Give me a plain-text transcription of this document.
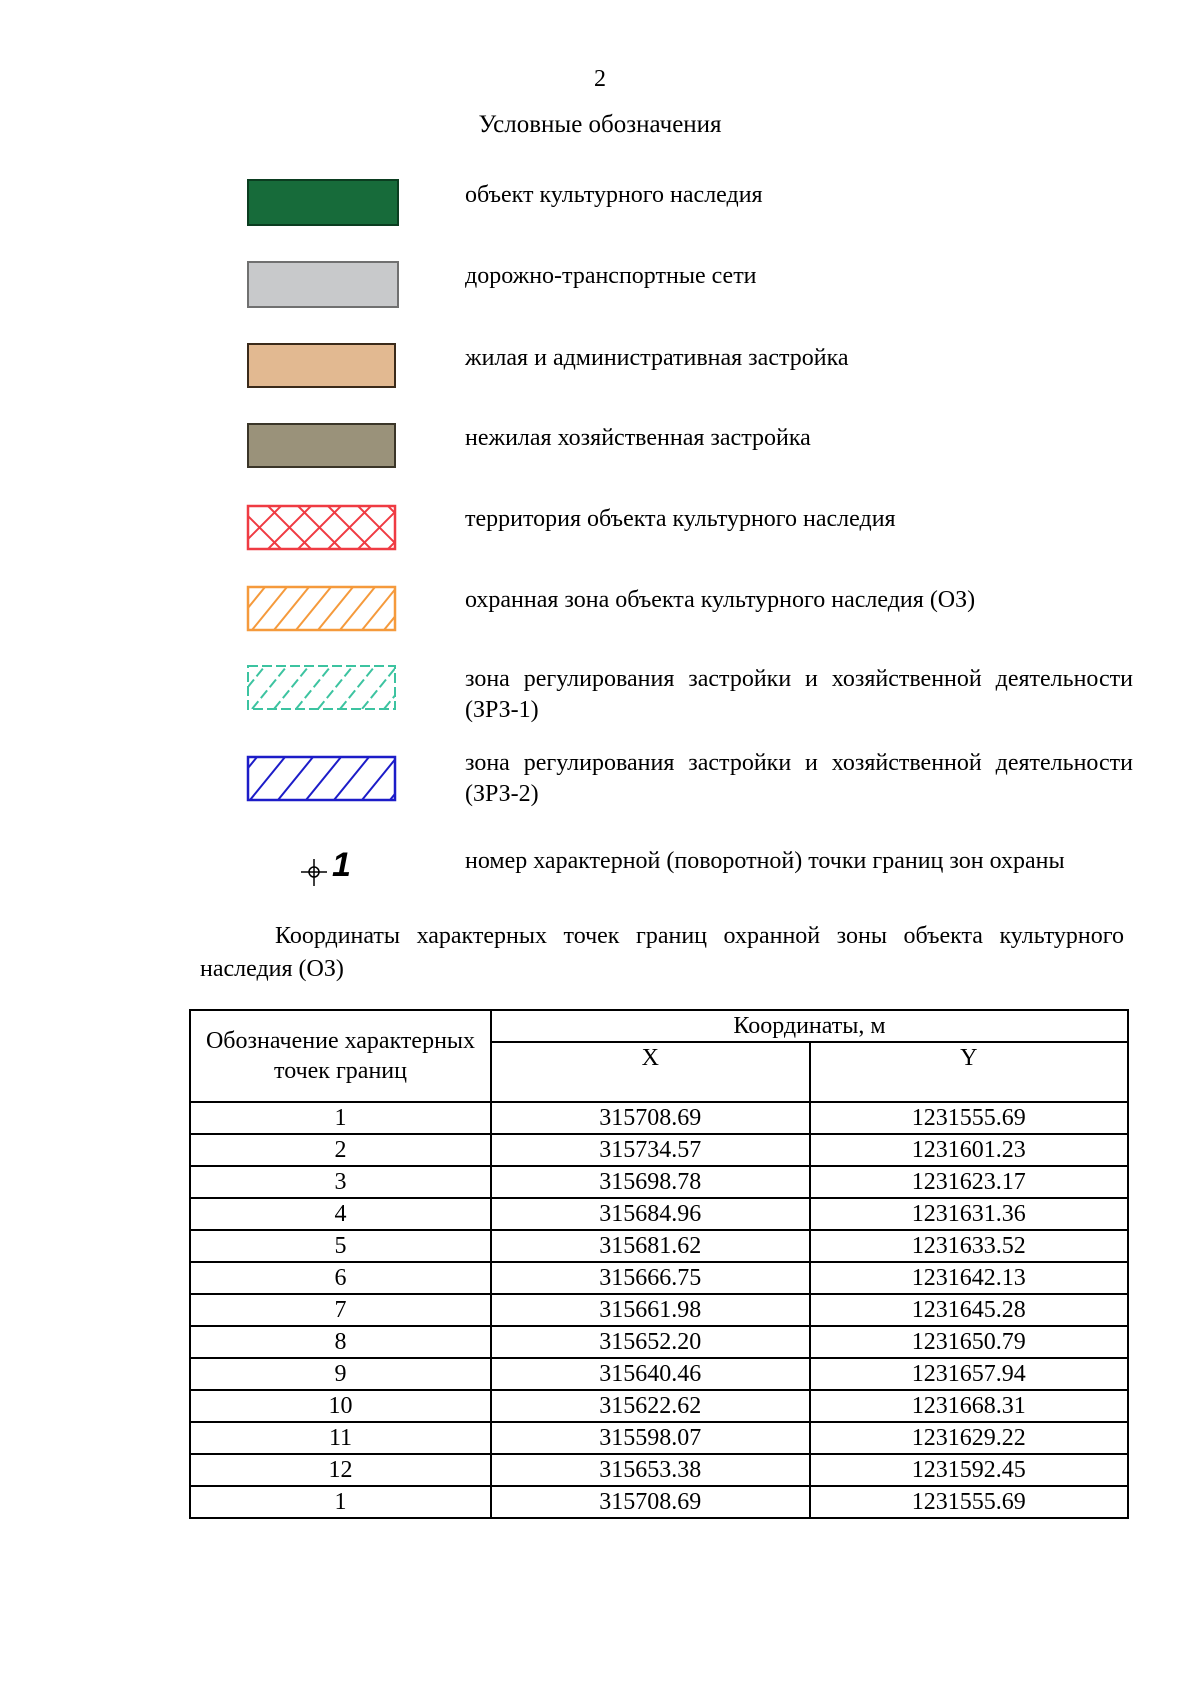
2
Условные обозначения
объект культурного наследия
дорожно-транспортные сети
жилая и административная застройка
нежилая хозяйственная застройка
территория объекта культурного наследия
охранная зона объекта культурного наследия (ОЗ)
зона регулирования застройки и хозяйственной деятельности (ЗРЗ-1)
зона регулирования застройки и хозяйственной деятельности (ЗРЗ-2)
1	номер характерной (поворотной) точки границ зон охраны
Координаты характерных точек границ охранной зоны объекта культурного наследия (ОЗ)
Обозначение характерных точек границ	Координаты, м	
	X	Y
1	315708.69	1231555.69
2	315734.57	1231601.23
3	315698.78	1231623.17
4	315684.96	1231631.36
5	315681.62	1231633.52
6	315666.75	1231642.13
7	315661.98	1231645.28
8	315652.20	1231650.79
9	315640.46	1231657.94
10	315622.62	1231668.31
11	315598.07	1231629.22
12	315653.38	1231592.45
1	315708.69	1231555.69
